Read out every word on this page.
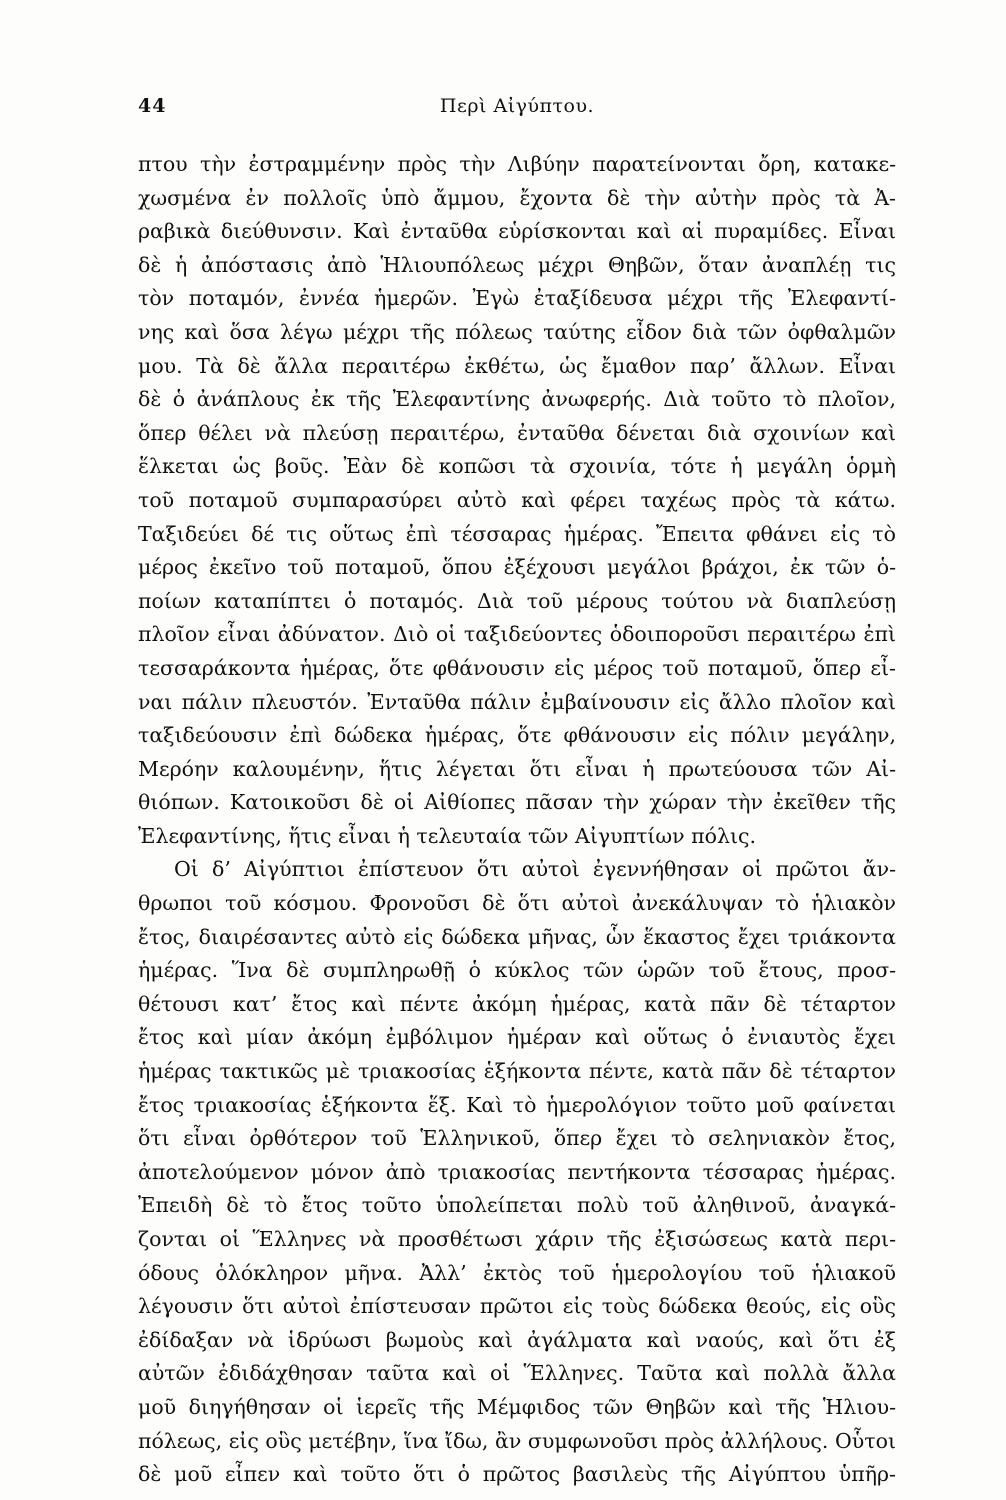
44	Περὶ Αἰγύπτου.
πτου τὴν ἐστραμμένην πρὸς τὴν Λιβύην παρατείνονται ὄρη, κατακε-
χωσμένα ἐν πολλοῖς ὑπὸ ἄμμου, ἔχοντα δὲ τὴν αὐτὴν πρὸς τὰ Ἀ-
ραβικὰ διεύθυνσιν. Καὶ ἐνταῦθα εὑρίσκονται καὶ αἱ πυραμίδες. Εἶναι
δὲ ἡ ἀπόστασις ἀπὸ Ἡλιουπόλεως μέχρι Θηβῶν, ὅταν ἀναπλέῃ τις
τὸν ποταμόν, ἐννέα ἡμερῶν. Ἐγὼ ἐταξίδευσα μέχρι τῆς Ἐλεφαντί-
νης καὶ ὅσα λέγω μέχρι τῆς πόλεως ταύτης εἶδον διὰ τῶν ὀφθαλμῶν
μου. Τὰ δὲ ἄλλα περαιτέρω ἐκθέτω, ὡς ἔμαθον παρ’ ἄλλων. Εἶναι
δὲ ὁ ἀνάπλους ἐκ τῆς Ἐλεφαντίνης ἀνωφερής. Διὰ τοῦτο τὸ πλοῖον,
ὅπερ θέλει νὰ πλεύσῃ περαιτέρω, ἐνταῦθα δένεται διὰ σχοινίων καὶ
ἕλκεται ὡς βοῦς. Ἐὰν δὲ κοπῶσι τὰ σχοινία, τότε ἡ μεγάλη ὁρμὴ
τοῦ ποταμοῦ συμπαρασύρει αὐτὸ καὶ φέρει ταχέως πρὸς τὰ κάτω.
Ταξιδεύει δέ τις οὕτως ἐπὶ τέσσαρας ἡμέρας. Ἔπειτα φθάνει εἰς τὸ
μέρος ἐκεῖνο τοῦ ποταμοῦ, ὅπου ἐξέχουσι μεγάλοι βράχοι, ἐκ τῶν ὁ-
ποίων καταπίπτει ὁ ποταμός. Διὰ τοῦ μέρους τούτου νὰ διαπλεύσῃ
πλοῖον εἶναι ἀδύνατον. Διὸ οἱ ταξιδεύοντες ὁδοιποροῦσι περαιτέρω ἐπὶ
τεσσαράκοντα ἡμέρας, ὅτε φθάνουσιν εἰς μέρος τοῦ ποταμοῦ, ὅπερ εἶ-
ναι πάλιν πλευστόν. Ἐνταῦθα πάλιν ἐμβαίνουσιν εἰς ἄλλο πλοῖον καὶ
ταξιδεύουσιν ἐπὶ δώδεκα ἡμέρας, ὅτε φθάνουσιν εἰς πόλιν μεγάλην,
Μερόην καλουμένην, ἥτις λέγεται ὅτι εἶναι ἡ πρωτεύουσα τῶν Αἰ-
θιόπων. Κατοικοῦσι δὲ οἱ Αἰθίοπες πᾶσαν τὴν χώραν τὴν ἐκεῖθεν τῆς
Ἐλεφαντίνης, ἥτις εἶναι ἡ τελευταία τῶν Αἰγυπτίων πόλις.
Οἱ δ’ Αἰγύπτιοι ἐπίστευον ὅτι αὐτοὶ ἐγεννήθησαν οἱ πρῶτοι ἄν-
θρωποι τοῦ κόσμου. Φρονοῦσι δὲ ὅτι αὐτοὶ ἀνεκάλυψαν τὸ ἡλιακὸν
ἔτος, διαιρέσαντες αὐτὸ εἰς δώδεκα μῆνας, ὧν ἕκαστος ἔχει τριάκοντα
ἡμέρας. Ἵνα δὲ συμπληρωθῇ ὁ κύκλος τῶν ὡρῶν τοῦ ἔτους, προσ-
θέτουσι κατ’ ἔτος καὶ πέντε ἀκόμη ἡμέρας, κατὰ πᾶν δὲ τέταρτον
ἔτος καὶ μίαν ἀκόμη ἐμβόλιμον ἡμέραν καὶ οὕτως ὁ ἐνιαυτὸς ἔχει
ἡμέρας τακτικῶς μὲ τριακοσίας ἑξήκοντα πέντε, κατὰ πᾶν δὲ τέταρτον
ἔτος τριακοσίας ἑξήκοντα ἕξ. Καὶ τὸ ἡμερολόγιον τοῦτο μοῦ φαίνεται
ὅτι εἶναι ὀρθότερον τοῦ Ἑλληνικοῦ, ὅπερ ἔχει τὸ σεληνιακὸν ἔτος,
ἀποτελούμενον μόνον ἀπὸ τριακοσίας πεντήκοντα τέσσαρας ἡμέρας.
Ἐπειδὴ δὲ τὸ ἔτος τοῦτο ὑπολείπεται πολὺ τοῦ ἀληθινοῦ, ἀναγκά-
ζονται οἱ Ἕλληνες νὰ προσθέτωσι χάριν τῆς ἐξισώσεως κατὰ περι-
όδους ὁλόκληρον μῆνα. Ἀλλ’ ἐκτὸς τοῦ ἡμερολογίου τοῦ ἡλιακοῦ
λέγουσιν ὅτι αὐτοὶ ἐπίστευσαν πρῶτοι εἰς τοὺς δώδεκα θεούς, εἰς οὓς
ἐδίδαξαν νὰ ἱδρύωσι βωμοὺς καὶ ἀγάλματα καὶ ναούς, καὶ ὅτι ἐξ
αὐτῶν ἐδιδάχθησαν ταῦτα καὶ οἱ Ἕλληνες. Ταῦτα καὶ πολλὰ ἄλλα
μοῦ διηγήθησαν οἱ ἱερεῖς τῆς Μέμφιδος τῶν Θηβῶν καὶ τῆς Ἡλιου-
πόλεως, εἰς οὓς μετέβην, ἵνα ἴδω, ἂν συμφωνοῦσι πρὸς ἀλλήλους. Οὗτοι
δὲ μοῦ εἶπεν καὶ τοῦτο ὅτι ὁ πρῶτος βασιλεὺς τῆς Αἰγύπτου ὑπῆρ-
